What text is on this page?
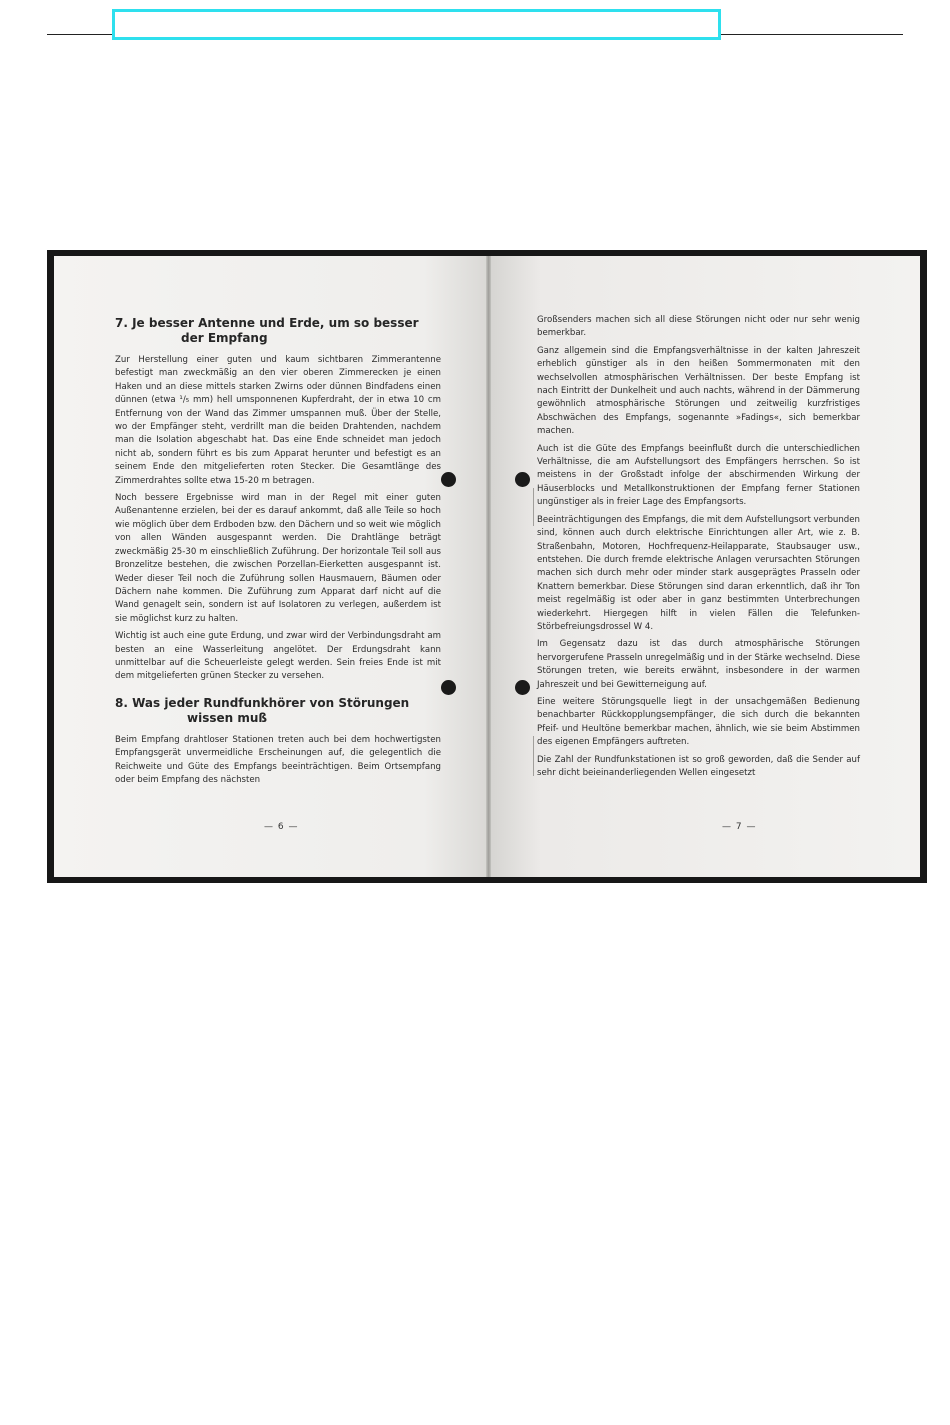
7. Je besser Antenne und Erde, um so besser
der Empfang

Zur Herstellung einer guten und kaum sichtbaren Zimmerantenne befestigt man zweckmäßig an den vier oberen Zimmerecken je einen Haken und an diese mittels starken Zwirns oder dünnen Bindfadens einen dünnen (etwa ¹/₅ mm) hell umsponnenen Kupferdraht, der in etwa 10 cm Entfernung von der Wand das Zimmer umspannen muß. Über der Stelle, wo der Empfänger steht, verdrillt man die beiden Drahtenden, nachdem man die Isolation abgeschabt hat. Das eine Ende schneidet man jedoch nicht ab, sondern führt es bis zum Apparat herunter und befestigt es an seinem Ende den mitgelieferten roten Stecker. Die Gesamtlänge des Zimmerdrahtes sollte etwa 15-20 m betragen.

Noch bessere Ergebnisse wird man in der Regel mit einer guten Außenantenne erzielen, bei der es darauf ankommt, daß alle Teile so hoch wie möglich über dem Erdboden bzw. den Dächern und so weit wie möglich von allen Wänden ausgespannt werden. Die Drahtlänge beträgt zweckmäßig 25-30 m einschließlich Zuführung. Der horizontale Teil soll aus Bronzelitze bestehen, die zwischen Porzellan-Eierketten ausgespannt ist. Weder dieser Teil noch die Zuführung sollen Hausmauern, Bäumen oder Dächern nahe kommen. Die Zuführung zum Apparat darf nicht auf die Wand genagelt sein, sondern ist auf Isolatoren zu verlegen, außerdem ist sie möglichst kurz zu halten.

Wichtig ist auch eine gute Erdung, und zwar wird der Verbindungsdraht am besten an eine Wasserleitung angelötet. Der Erdungsdraht kann unmittelbar auf die Scheuerleiste gelegt werden. Sein freies Ende ist mit dem mitgelieferten grünen Stecker zu versehen.

8. Was jeder Rundfunkhörer von Störungen
wissen muß

Beim Empfang drahtloser Stationen treten auch bei dem hochwertigsten Empfangsgerät unvermeidliche Erscheinungen auf, die gelegentlich die Reichweite und Güte des Empfangs beeinträchtigen. Beim Ortsempfang oder beim Empfang des nächsten

— 6 —

Großsenders machen sich all diese Störungen nicht oder nur sehr wenig bemerkbar.

Ganz allgemein sind die Empfangsverhältnisse in der kalten Jahreszeit erheblich günstiger als in den heißen Sommermonaten mit den wechselvollen atmosphärischen Verhältnissen. Der beste Empfang ist nach Eintritt der Dunkelheit und auch nachts, während in der Dämmerung gewöhnlich atmosphärische Störungen und zeitweilig kurzfristiges Abschwächen des Empfangs, sogenannte »Fadings«, sich bemerkbar machen.

Auch ist die Güte des Empfangs beeinflußt durch die unterschiedlichen Verhältnisse, die am Aufstellungsort des Empfängers herrschen. So ist meistens in der Großstadt infolge der abschirmenden Wirkung der Häuserblocks und Metallkonstruktionen der Empfang ferner Stationen ungünstiger als in freier Lage des Empfangsorts.

Beeinträchtigungen des Empfangs, die mit dem Aufstellungsort verbunden sind, können auch durch elektrische Einrichtungen aller Art, wie z. B. Straßenbahn, Motoren, Hochfrequenz-Heilapparate, Staubsauger usw., entstehen. Die durch fremde elektrische Anlagen verursachten Störungen machen sich durch mehr oder minder stark ausgeprägtes Prasseln oder Knattern bemerkbar. Diese Störungen sind daran erkenntlich, daß ihr Ton meist regelmäßig ist oder aber in ganz bestimmten Unterbrechungen wiederkehrt. Hiergegen hilft in vielen Fällen die Telefunken-Störbefreiungsdrossel W 4.

Im Gegensatz dazu ist das durch atmosphärische Störungen hervorgerufene Prasseln unregelmäßig und in der Stärke wechselnd. Diese Störungen treten, wie bereits erwähnt, insbesondere in der warmen Jahreszeit und bei Gewitterneigung auf.

Eine weitere Störungsquelle liegt in der unsachgemäßen Bedienung benachbarter Rückkopplungsempfänger, die sich durch die bekannten Pfeif- und Heultöne bemerkbar machen, ähnlich, wie sie beim Abstimmen des eigenen Empfängers auftreten.

Die Zahl der Rundfunkstationen ist so groß geworden, daß die Sender auf sehr dicht beieinanderliegenden Wellen eingesetzt

— 7 —
